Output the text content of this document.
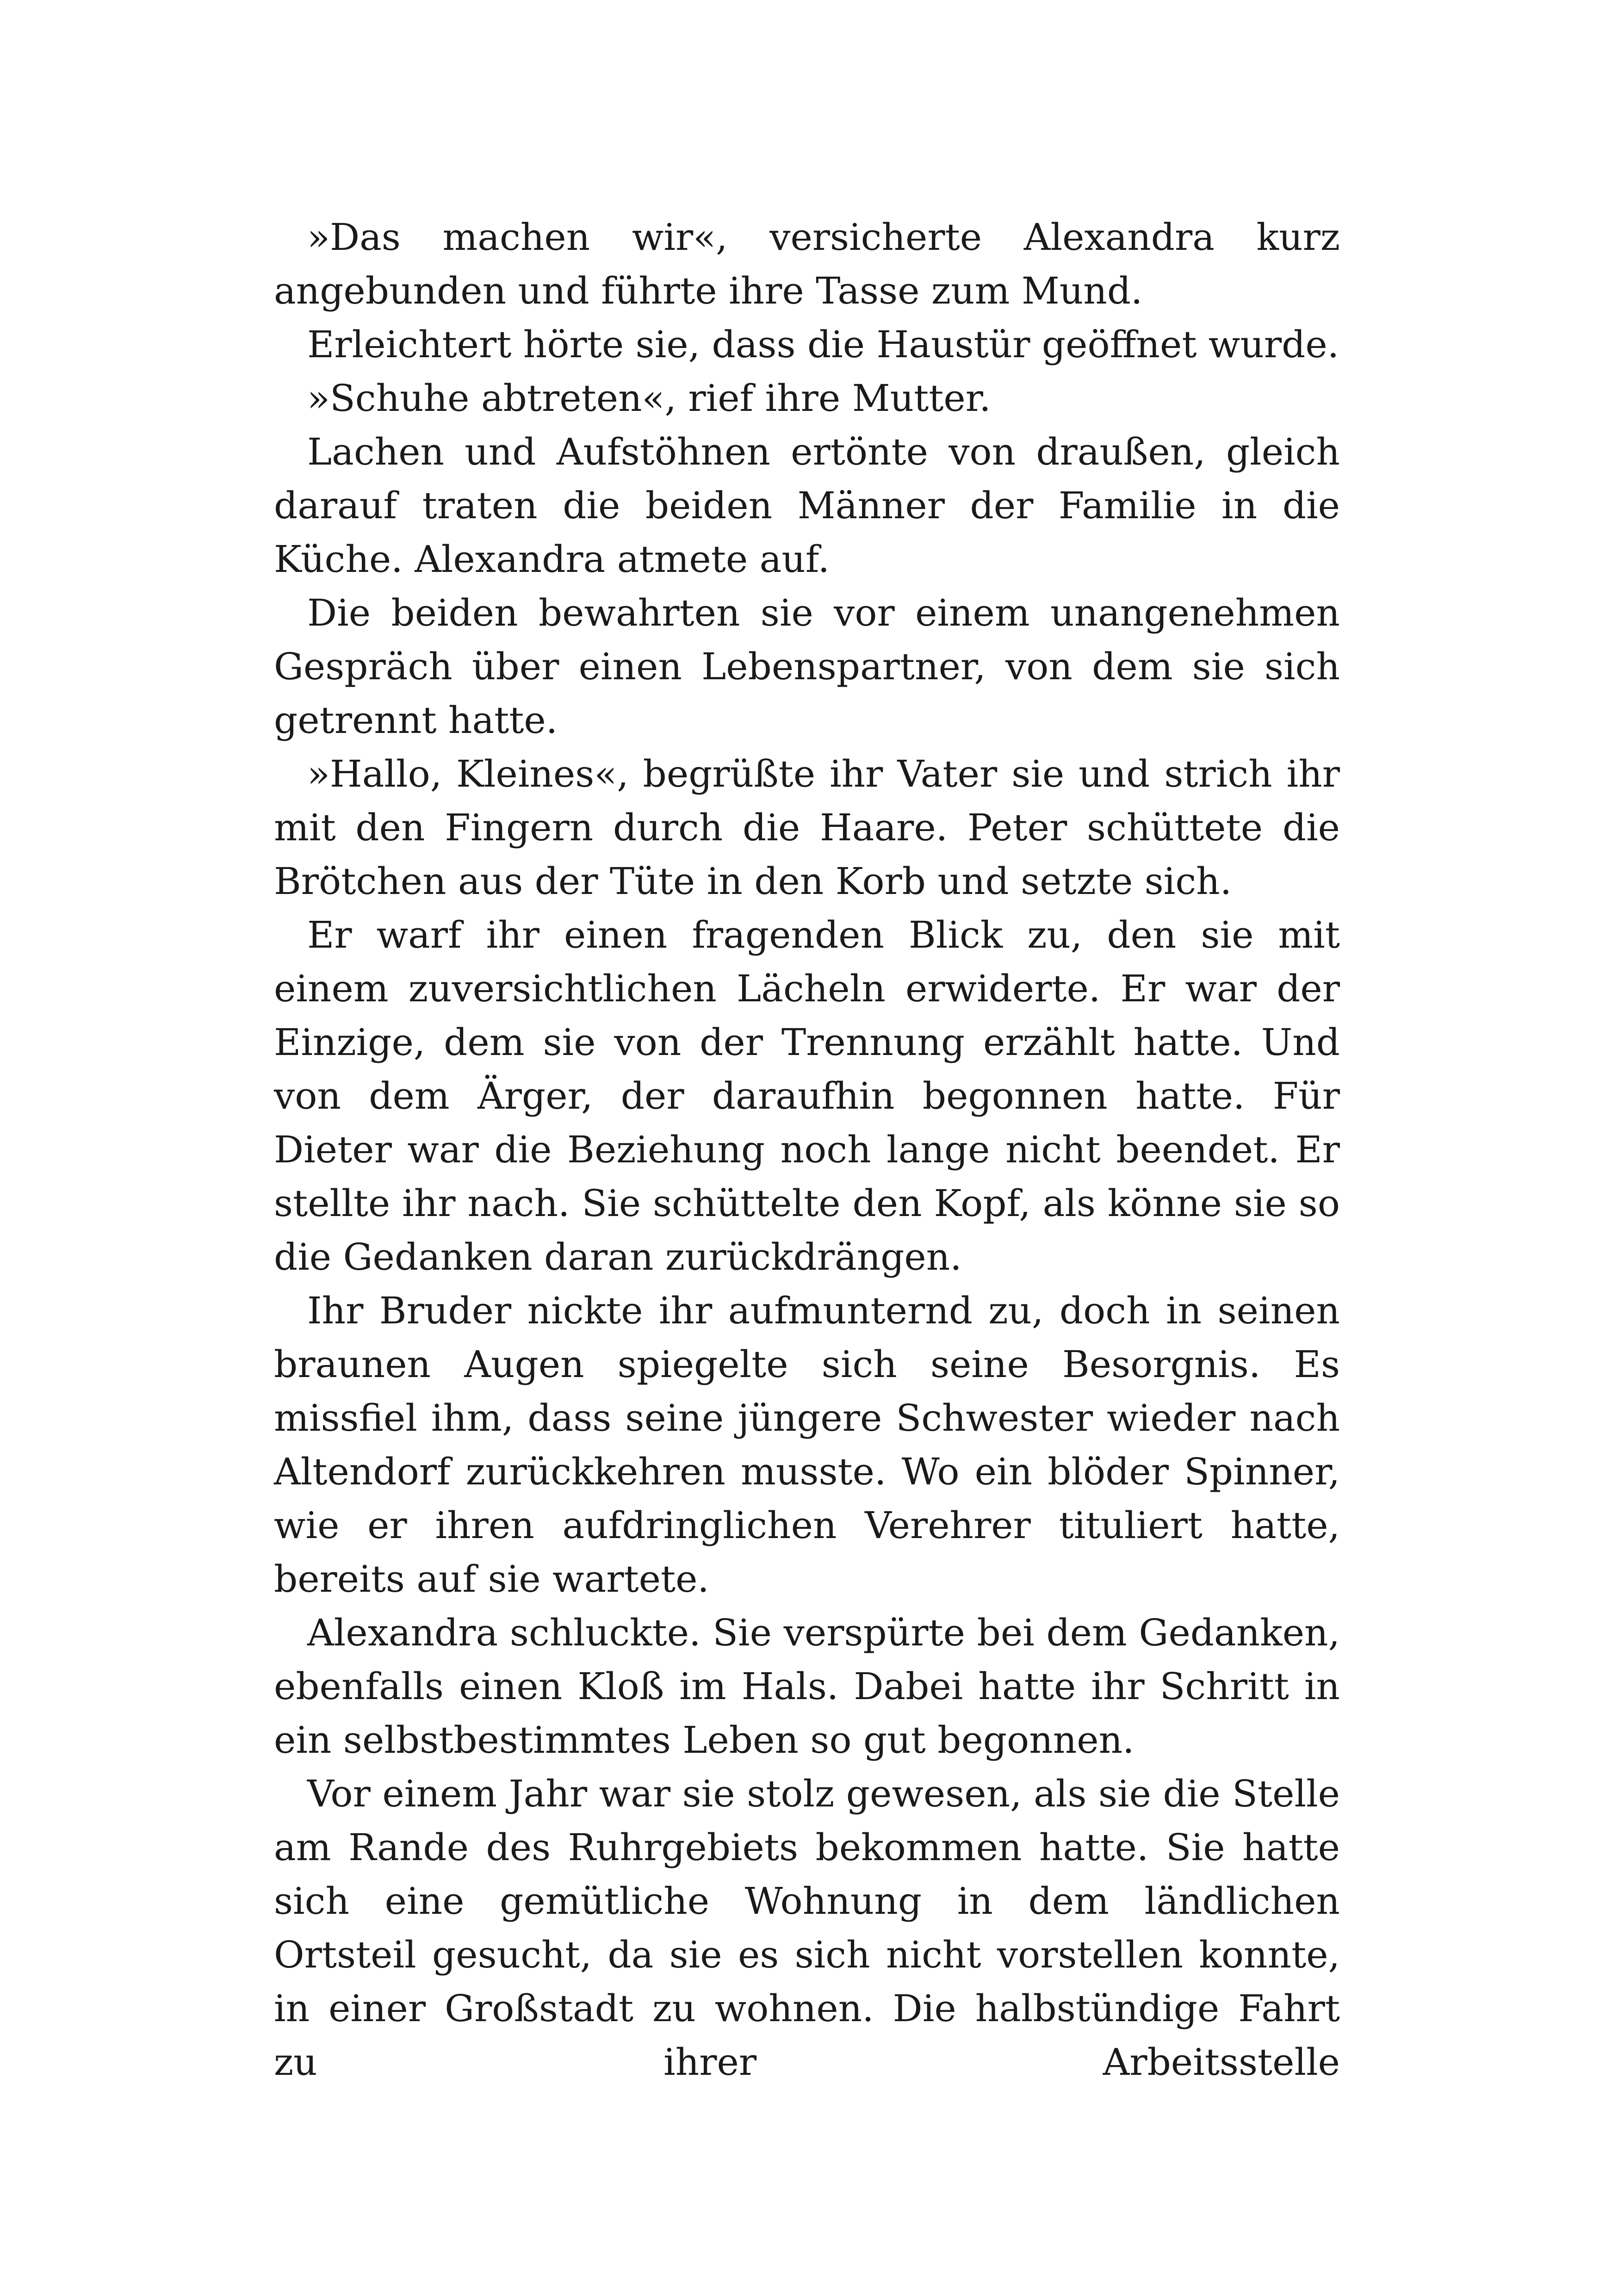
»Das machen wir«, versicherte Alexandra kurz angebunden und führte ihre Tasse zum Mund.

Erleichtert hörte sie, dass die Haustür geöffnet wurde.

»Schuhe abtreten«, rief ihre Mutter.

Lachen und Aufstöhnen ertönte von draußen, gleich darauf traten die beiden Männer der Familie in die Küche. Alexandra atmete auf.

Die beiden bewahrten sie vor einem unangenehmen Gespräch über einen Lebenspartner, von dem sie sich getrennt hatte.

»Hallo, Kleines«, begrüßte ihr Vater sie und strich ihr mit den Fingern durch die Haare. Peter schüttete die Brötchen aus der Tüte in den Korb und setzte sich.

Er warf ihr einen fragenden Blick zu, den sie mit einem zuversichtlichen Lächeln erwiderte. Er war der Einzige, dem sie von der Trennung erzählt hatte. Und von dem Ärger, der daraufhin begonnen hatte. Für Dieter war die Beziehung noch lange nicht beendet. Er stellte ihr nach. Sie schüttelte den Kopf, als könne sie so die Gedanken daran zurückdrängen.

Ihr Bruder nickte ihr aufmunternd zu, doch in seinen braunen Augen spiegelte sich seine Besorgnis. Es missfiel ihm, dass seine jüngere Schwester wieder nach Altendorf zurückkehren musste. Wo ein blöder Spinner, wie er ihren aufdringlichen Verehrer tituliert hatte, bereits auf sie wartete.

Alexandra schluckte. Sie verspürte bei dem Gedanken, ebenfalls einen Kloß im Hals. Dabei hatte ihr Schritt in ein selbstbestimmtes Leben so gut begonnen.

Vor einem Jahr war sie stolz gewesen, als sie die Stelle am Rande des Ruhrgebiets bekommen hatte. Sie hatte sich eine gemütliche Wohnung in dem ländlichen Ortsteil gesucht, da sie es sich nicht vorstellen konnte, in einer Großstadt zu wohnen. Die halbstündige Fahrt zu ihrer Arbeitsstelle
